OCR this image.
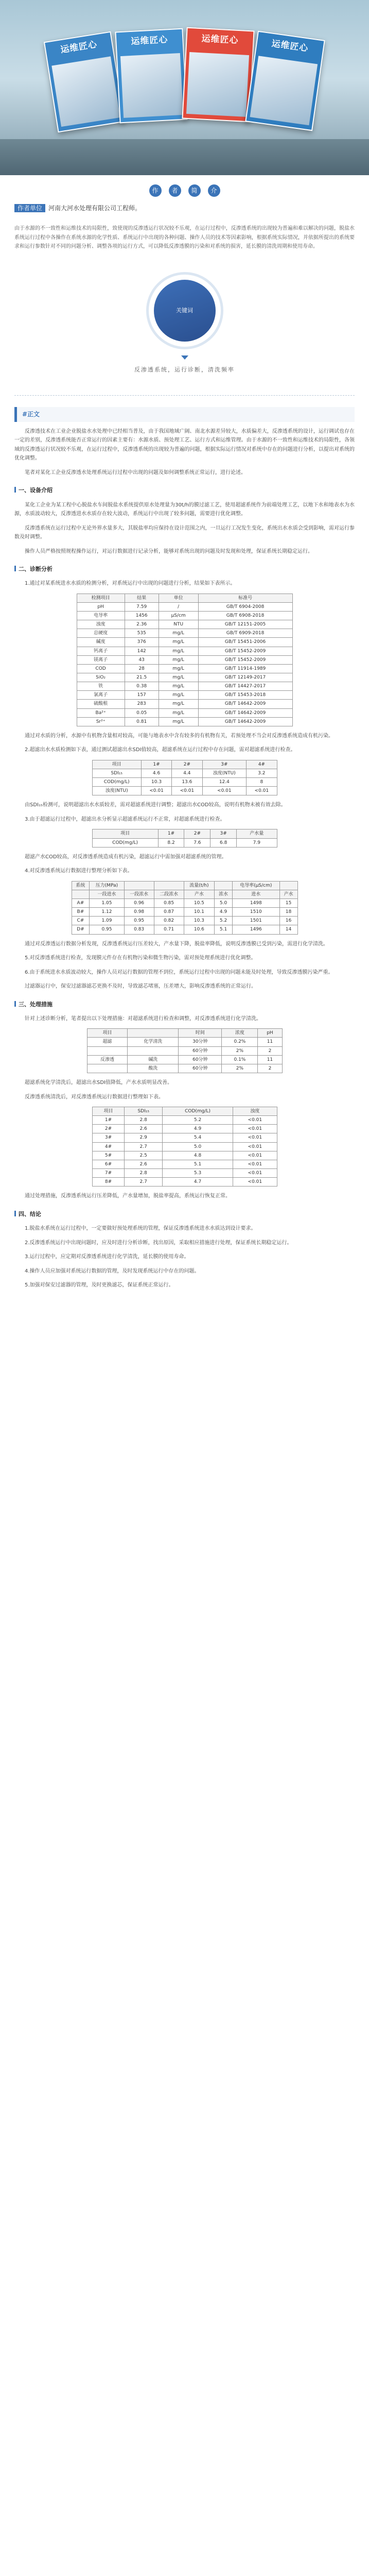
运维匠心	运维匠心	运维匠心	运维匠心
作	者	简	介
作者单位 河南大河水处理有限公司工程师。
由于水源的不一致性和运维技术的局限性，致使现的反渗透运行状况较不乐观，在运行过程中，反渗透系统的出现较为普遍和难以解决的问题，脱盐水系统运行过程中各操作在系统水源的化学性质、系统运行中出现的各种问题、操作人员的技术等因素影响，根据系统实际情况，并依据所提出的系统要求和运行参数针对不同的问题分析、调整各项的运行方式，可以降低反渗透膜的污染和对系统的损害，延长膜的清洗周期和使用寿命。
关键词
反渗透系统，运行诊断，清洗频率
#正文
反渗透技术在工业企业脱盐水水处理中已经相当普及，由于我国地域广阔、南北水源差异较大，水质偏差大，反渗透系统的设计，运行调试也存在一定的差别，反渗透系统能否正常运行的因素主要有：水源水质、预处理工艺、运行方式和运维管理。由于水源的不一致性和运维技术的局限性，各领域的反渗透运行状况较不乐观，在运行过程中，反渗透系统的出现较为普遍的问题，根据实际运行情况对系统中存在的问题进行分析，以提出对系统的优化调整。
笔者对某化工企业反渗透水处理系统运行过程中出现的问题及如何调整系统正常运行，进行论述。
一、设备介绍
某化工企业为某工程中心脱盐水车间脱盐水系统提供原水处理量为30t/h的膜过滤工艺，使用超滤系统作为前端处理工艺，以地下水和地表水为水源，水质波动较大，反渗透进水水质存在较大波动，系统运行中出现了较多问题，需要进行优化调整。
反渗透系统在运行过程中无论外界水量多大，其脱盐率均应保持在设计范围之内，一旦运行工况发生变化，系统出水水质会受到影响，需对运行参数及时调整。
操作人员严格按照规程操作运行，对运行数据进行记录分析，能够对系统出现的问题及时发现和处理，保证系统长期稳定运行。
二、诊断分析
1.通过对某系统进水水质的检测分析，对系统运行中出现的问题进行分析，结果如下表所示。
检测项目	结果	单位	标准号
pH	7.59	/	GB/T 6904-2008
电导率	1456	μS/cm	GB/T 6908-2018
浊度	2.36	NTU	GB/T 12151-2005
总硬度	535	mg/L	GB/T 6909-2018
碱度	376	mg/L	GB/T 15451-2006
钙离子	142	mg/L	GB/T 15452-2009
镁离子	43	mg/L	GB/T 15452-2009
COD	28	mg/L	GB/T 11914-1989
SiO₂	21.5	mg/L	GB/T 12149-2017
铁	0.38	mg/L	GB/T 14427-2017
氯离子	157	mg/L	GB/T 15453-2018
硫酸根	283	mg/L	GB/T 14642-2009
Ba²⁺	0.05	mg/L	GB/T 14642-2009
Sr²⁺	0.81	mg/L	GB/T 14642-2009
通过对水质的分析，水源中有机物含量相对较高，可能与地表水中含有较多的有机物有关，若预处理不当会对反渗透系统造成有机污染。
2.超滤出水水质检测如下表，通过测试超滤出水SDI值较高，超滤系统在运行过程中存在问题，需对超滤系统进行检查。
项目	1#	2#	3#	4#
SDI₁₅	4.6	4.4	浊度(NTU)	3.2
COD(mg/L)	10.3	13.6	12.4	8
浊度(NTU)	<0.01	<0.01	<0.01	<0.01
由SDI₁₅检测可，说明超滤出水水质较差，需对超滤系统进行调整；超滤出水COD较高，说明有机物未被有效去除。
3.由于超滤运行过程中，超滤出水分析显示超滤系统运行不正常，对超滤系统进行检查。
项目	1#	2#	3#	产水量
COD(mg/L)	8.2	7.6	6.8	7.9
超滤产水COD较高，对反渗透系统造成有机污染，超滤运行中需加强对超滤系统的管理。
4.对反渗透系统运行数据进行整理分析如下表。
系统	压力(MPa)			流量(t/h)		电导率(μS/cm)	
	一段进水	一段浓水	二段浓水	产水	浓水	进水	产水
A#	1.05	0.96	0.85	10.5	5.0	1498	15
B#	1.12	0.98	0.87	10.1	4.9	1510	18
C#	1.09	0.95	0.82	10.3	5.2	1501	16
D#	0.95	0.83	0.71	10.6	5.1	1496	14
通过对反渗透运行数据分析发现，反渗透系统运行压差较大，产水量下降，脱盐率降低，说明反渗透膜已受到污染，需进行化学清洗。
5.对反渗透系统进行检查，发现膜元件存在有机物污染和微生物污染，需对预处理系统进行优化调整。
6.由于系统进水水质波动较大，操作人员对运行数据的管理不到位，系统运行过程中出现的问题未能及时处理，导致反渗透膜污染严重。
过滤器运行中，保安过滤器滤芯更换不及时，导致滤芯堵塞，压差增大，影响反渗透系统的正常运行。
三、处理措施
针对上述诊断分析，笔者提出以下处理措施：对超滤系统进行检查和调整，对反渗透系统进行化学清洗。
项目		时间	浓度	pH
超滤	化学清洗	30分钟	0.2%	11
		60分钟	2%	2
反渗透	碱洗	60分钟	0.1%	11
	酸洗	60分钟	2%	2
超滤系统化学清洗后，超滤出水SDI值降低，产水水质明显改善。
反渗透系统清洗后，对反渗透系统运行数据进行整理如下表。
项目	SDI₁₅	COD(mg/L)	浊度
1#	2.8	5.2	<0.01
2#	2.6	4.9	<0.01
3#	2.9	5.4	<0.01
4#	2.7	5.0	<0.01
5#	2.5	4.8	<0.01
6#	2.6	5.1	<0.01
7#	2.8	5.3	<0.01
8#	2.7	4.7	<0.01
通过处理措施，反渗透系统运行压差降低，产水量增加，脱盐率提高，系统运行恢复正常。
四、结论
1.脱盐水系统在运行过程中，一定要做好预处理系统的管理，保证反渗透系统进水水质达到设计要求。
2.反渗透系统运行中出现问题时，应及时进行分析诊断，找出原因，采取相应措施进行处理，保证系统长期稳定运行。
3.运行过程中，应定期对反渗透系统进行化学清洗，延长膜的使用寿命。
4.操作人员应加强对系统运行数据的管理，及时发现系统运行中存在的问题。
5.加强对保安过滤器的管理，及时更换滤芯，保证系统正常运行。
